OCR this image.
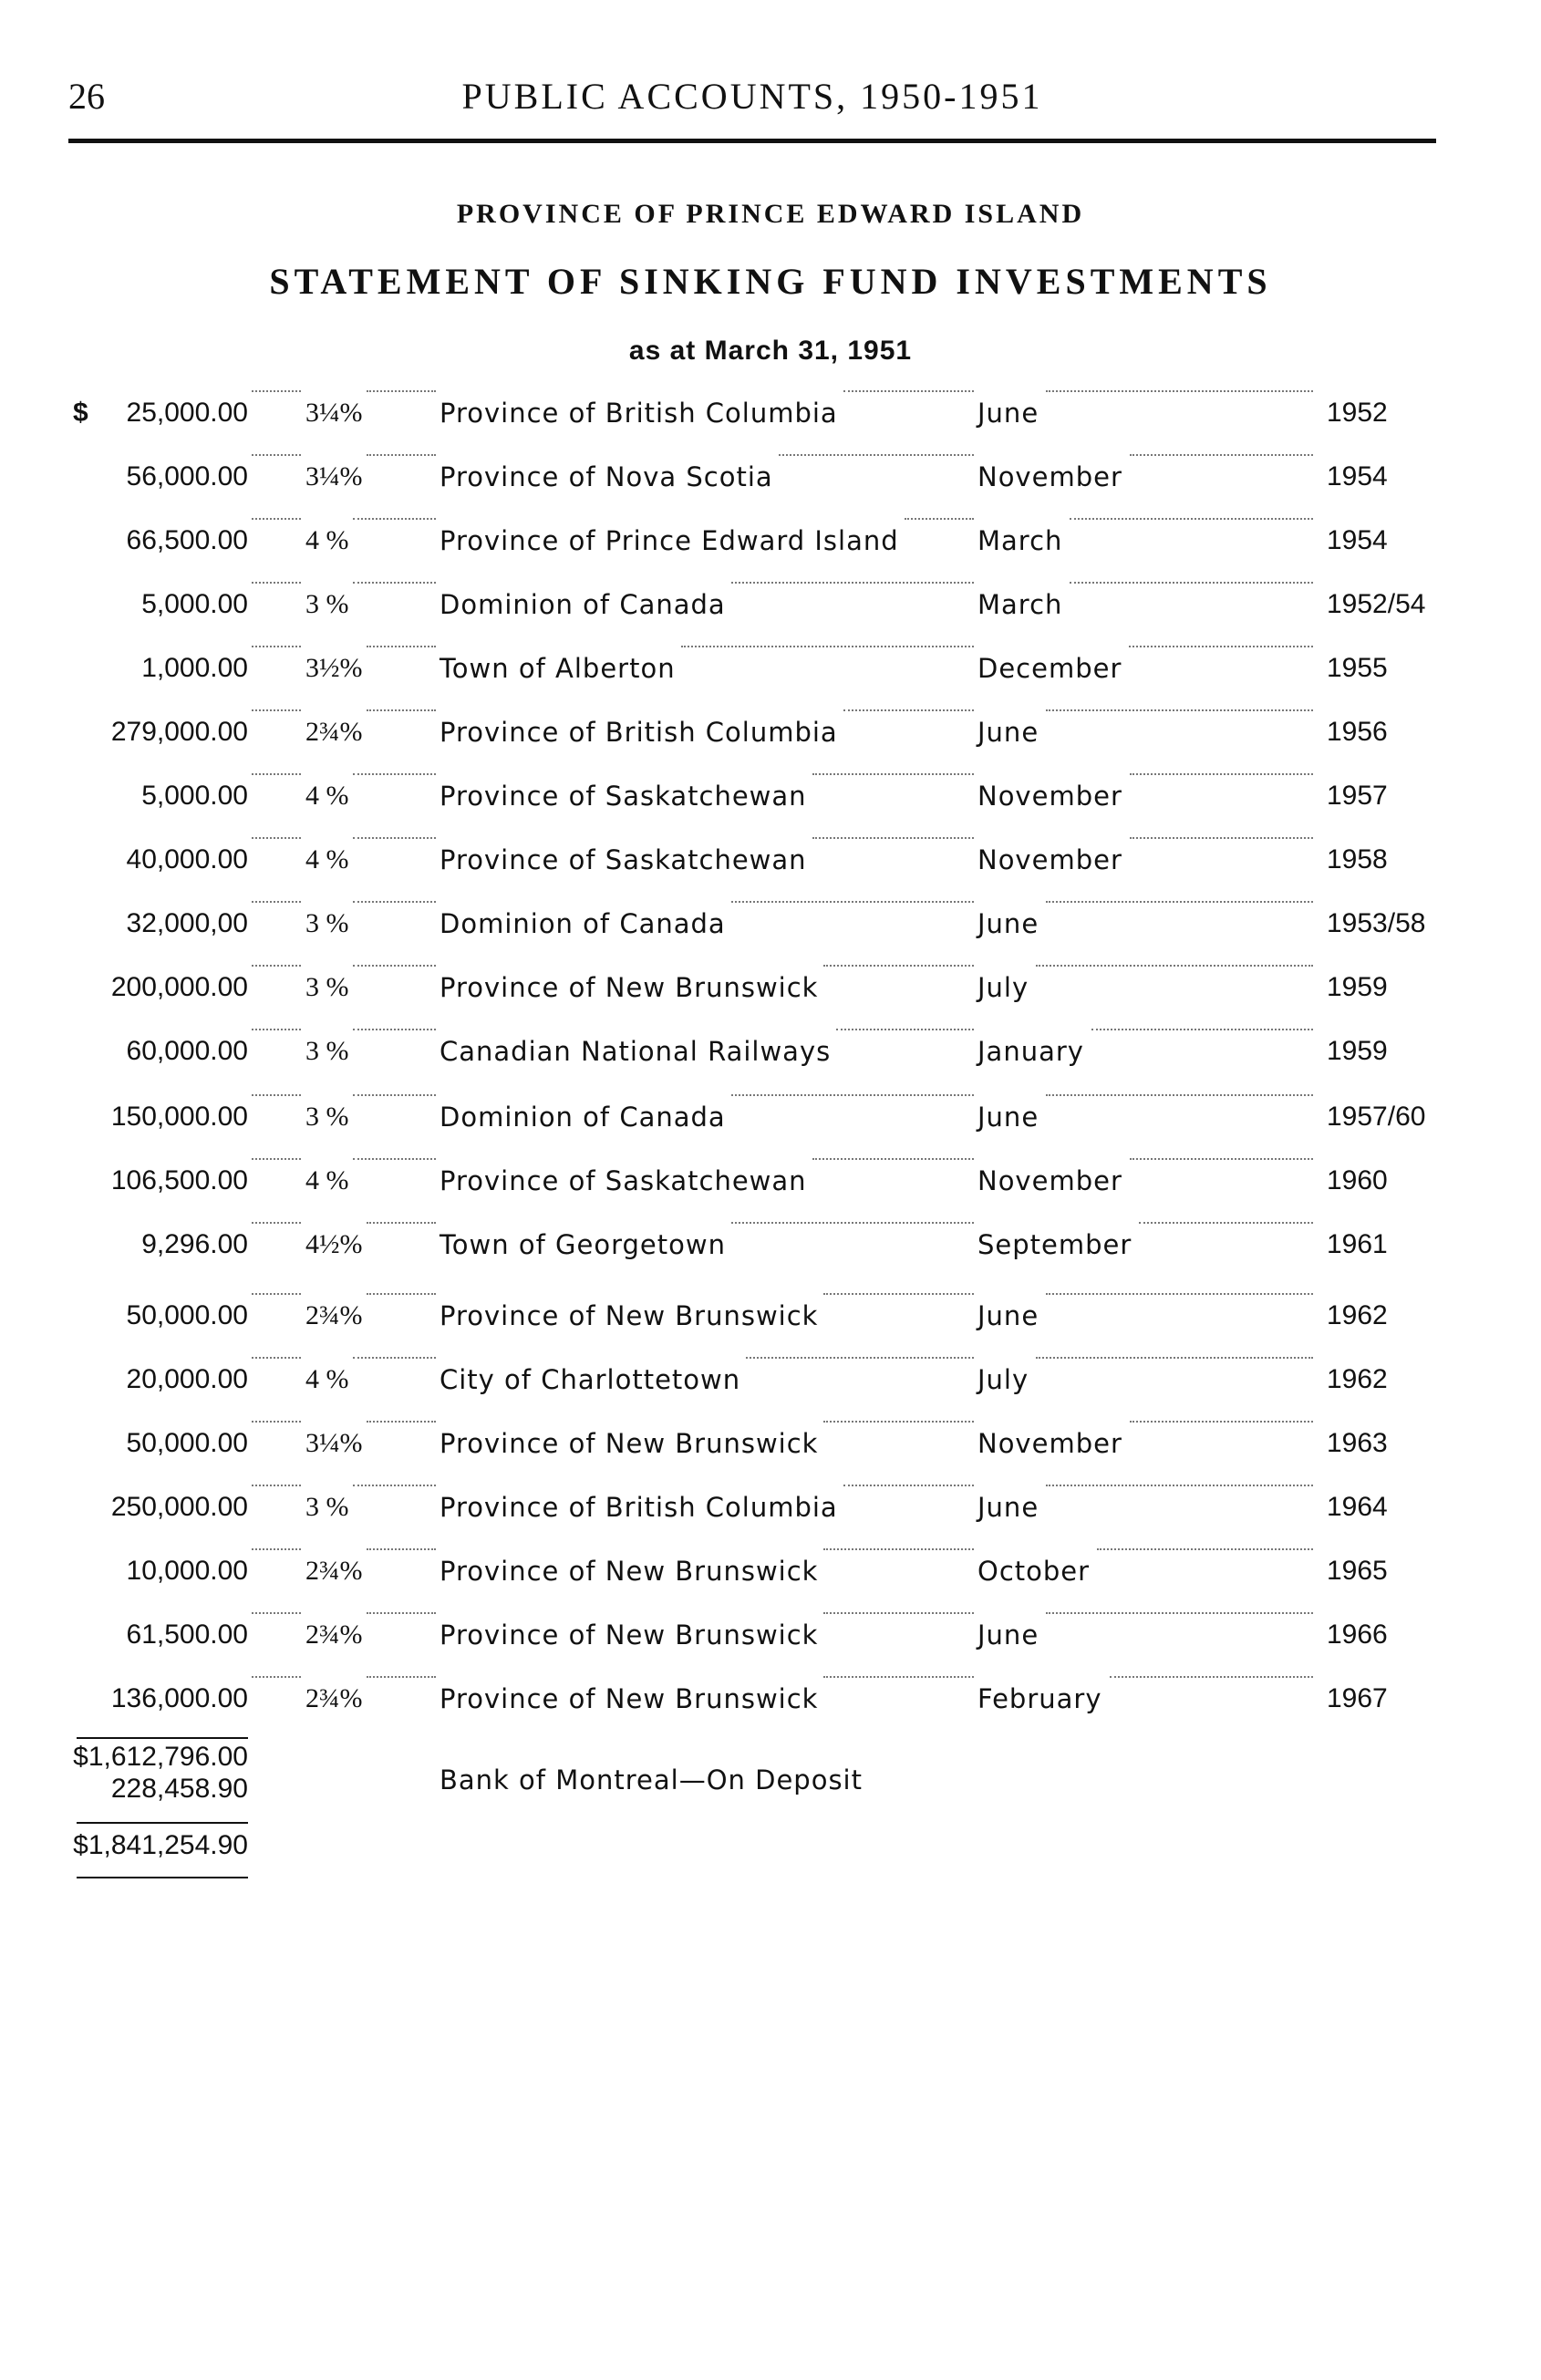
26	PUBLIC ACCOUNTS, 1950-1951
PROVINCE OF PRINCE EDWARD ISLAND
STATEMENT OF SINKING FUND INVESTMENTS
as at March 31, 1951
$	25,000.00 3¼%	Province of British Columbia	June	1952
56,000.00 3¼%	Province of Nova Scotia	November	1954
66,500.00 4 %	Province of Prince Edward Island	March	1954
5,000.00 3 %	Dominion of Canada	March	1952/54
1,000.00 3½%	Town of Alberton	December	1955
279,000.00 2¾%	Province of British Columbia	June	1956
5,000.00 4 %	Province of Saskatchewan	November	1957
40,000.00 4 %	Province of Saskatchewan	November	1958
32,000,00 3 %	Dominion of Canada	June	1953/58
200,000.00 3 %	Province of New Brunswick	July	1959
60,000.00 3 %	Canadian National Railways	January	1959
150,000.00 3 %	Dominion of Canada	June	1957/60
106,500.00 4 %	Province of Saskatchewan	November	1960
9,296.00 4½%	Town of Georgetown	September	1961
50,000.00 2¾%	Province of New Brunswick	June	1962
20,000.00 4 %	City of Charlottetown	July	1962
50,000.00 3¼%	Province of New Brunswick	November	1963
250,000.00 3 %	Province of British Columbia	June	1964
10,000.00 2¾%	Province of New Brunswick	October	1965
61,500.00 2¾%	Province of New Brunswick	June	1966
136,000.00 2¾%	Province of New Brunswick	February	1967
$1,612,796.00
228,458.90	Bank of Montreal—On Deposit
$1,841,254.90
